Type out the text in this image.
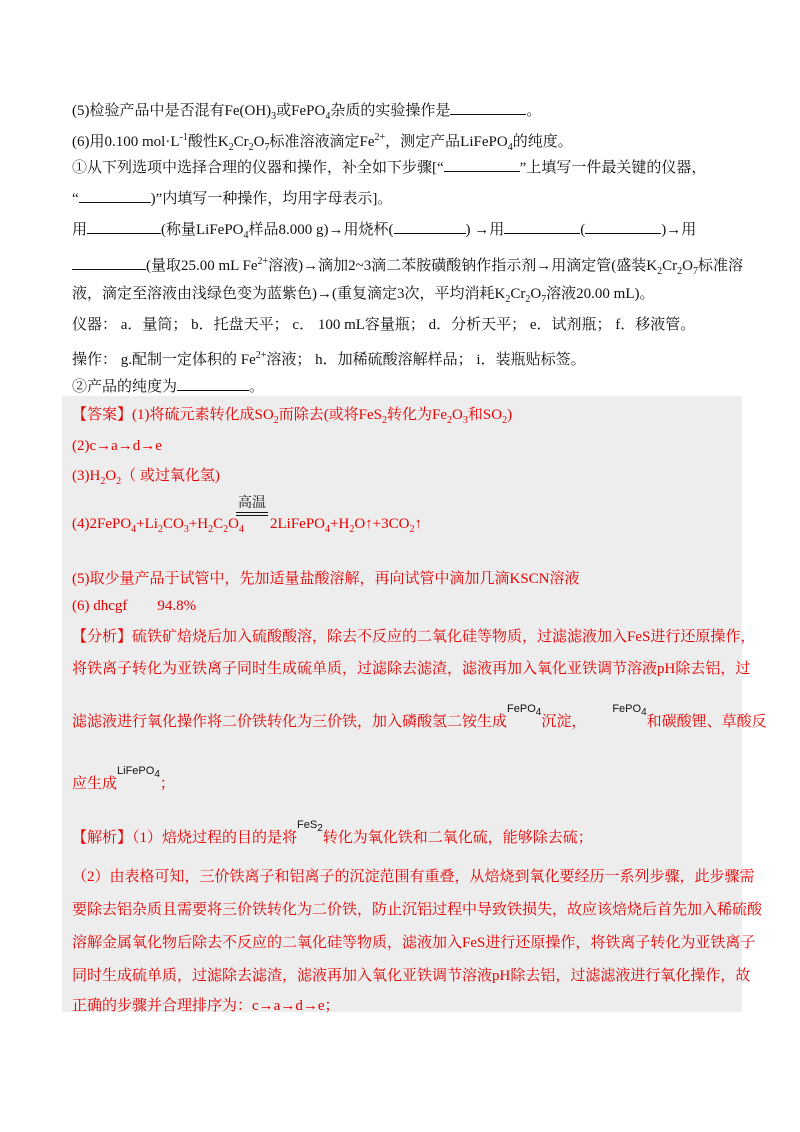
(5)检验产品中是否混有$Fe(OH)_3$或FePO$_4$杂质的实验操作是	。
(6)用0.100 $mol\cdot L^{-1}$酸性$K_2Cr_2O_7$标准溶液滴定$Fe^{2+}$，测定产品LiFePO$_4$的纯度。
①从下列选项中选择合理的仪器和操作，补全如下步骤[“	”上填写一件最关键的仪器，
“	)”内填写一种操作，均用字母表示]。
用	(称量LiFePO$_4$样品8.000 g)→用烧杯(	) →用	(	)→用
(量取25.00 mL $Fe^{2+}$溶液)→滴加2~3滴二苯胺磺酸钠作指示剂→用滴定管(盛装$K_2Cr_2O_7$标准溶
液，滴定至溶液由浅绿色变为蓝紫色)→(重复滴定3次，平均消耗$K_2Cr_2O_7$溶液20.00 mL)。
仪器： a．量筒； b．托盘天平； c． 100 mL容量瓶； d．分析天平； e．试剂瓶； f．移液管。
操作： g.配制一定体积的 $Fe^{2+}$溶液； h．加稀硫酸溶解样品； i．装瓶贴标签。
②产品的纯度为	。
【答案】(1)将硫元素转化成$SO_2$而除去(或将FeS$_2$转化为$Fe_2O_3$和$SO_2$)
(2)c→a→d→e
$(3)H_2O_2$（ 或过氧化氢)
$(4)2FePO_4+Li_2CO_3+H_2C_2O_4$
高温
$2LiFePO_4+H_2O↑+3CO_2↑$
(5)取少量产品于试管中，先加适量盐酸溶解，再向试管中滴加几滴KSCN溶液
(6) dhcgf 94.8%
【分析】硫铁矿焙烧后加入硫酸酸溶，除去不反应的二氧化硅等物质，过滤滤液加入FeS进行还原操作，
将铁离子转化为亚铁离子同时生成硫单质，过滤除去滤渣，滤液再加入氧化亚铁调节溶液pH除去铝，过
滤滤液进行氧化操作将二价铁转化为三价铁，加入磷酸氢二铵生成$^{FePO_4}$沉淀，$^{FePO_4}$和碳酸锂、草酸反
应生成$^{LiFePO_4}$；
【解析】（1）焙烧过程的目的是将$^{FeS_2}$转化为氧化铁和二氧化硫，能够除去硫；
（2）由表格可知，三价铁离子和铝离子的沉淀范围有重叠，从焙烧到氧化要经历一系列步骤，此步骤需
要除去铝杂质且需要将三价铁转化为二价铁，防止沉铝过程中导致铁损失，故应该焙烧后首先加入稀硫酸
溶解金属氧化物后除去不反应的二氧化硅等物质，滤液加入FeS进行还原操作，将铁离子转化为亚铁离子
同时生成硫单质，过滤除去滤渣，滤液再加入氧化亚铁调节溶液pH除去铝，过滤滤液进行氧化操作，故
正确的步骤并合理排序为：c→a→d→e；
